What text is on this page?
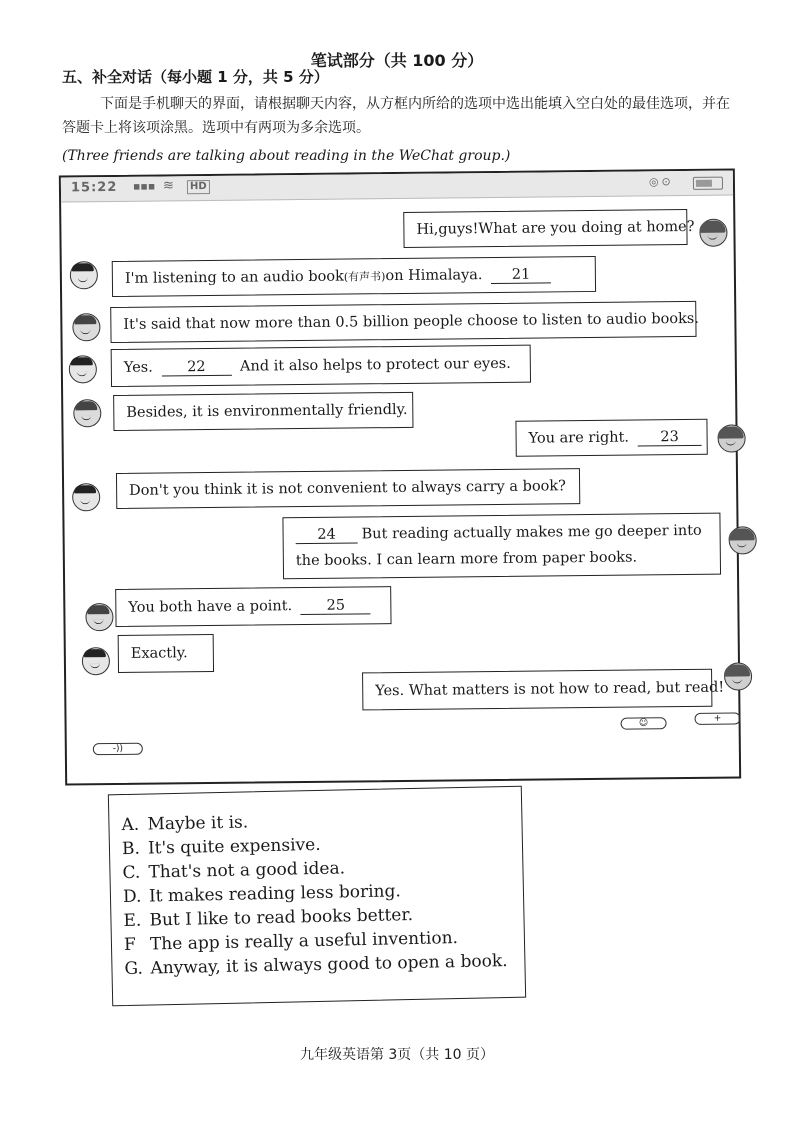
笔试部分（共 100 分）
五、补全对话（每小题 1 分，共 5 分）
下面是手机聊天的界面，请根据聊天内容，从方框内所给的选项中选出能填入空白处的最佳选项，并在答题卡上将该项涂黑。选项中有两项为多余选项。
(Three friends are talking about reading in the WeChat group.)
15:22 ▪▪▪ ≋	HD	◎⊙
Hi,guys!What are you doing at home?
I'm listening to an audio book(有声书)on Himalaya. 21
It's said that now more than 0.5 billion people choose to listen to audio books.
Yes. 22 And it also helps to protect our eyes.
Besides, it is environmentally friendly.
You are right. 23
Don't you think it is not convenient to always carry a book?
24 But reading actually makes me go deeper into the books. I can learn more from paper books.
You both have a point. 25
Exactly.
Yes. What matters is not how to read, but read!
☺	+
-))
A. Maybe it is.
B. It's quite expensive.
C. That's not a good idea.
D. It makes reading less boring.
E. But I like to read books better.
F The app is really a useful invention.
G. Anyway, it is always good to open a book.
九年级英语第 3页（共 10 页）
